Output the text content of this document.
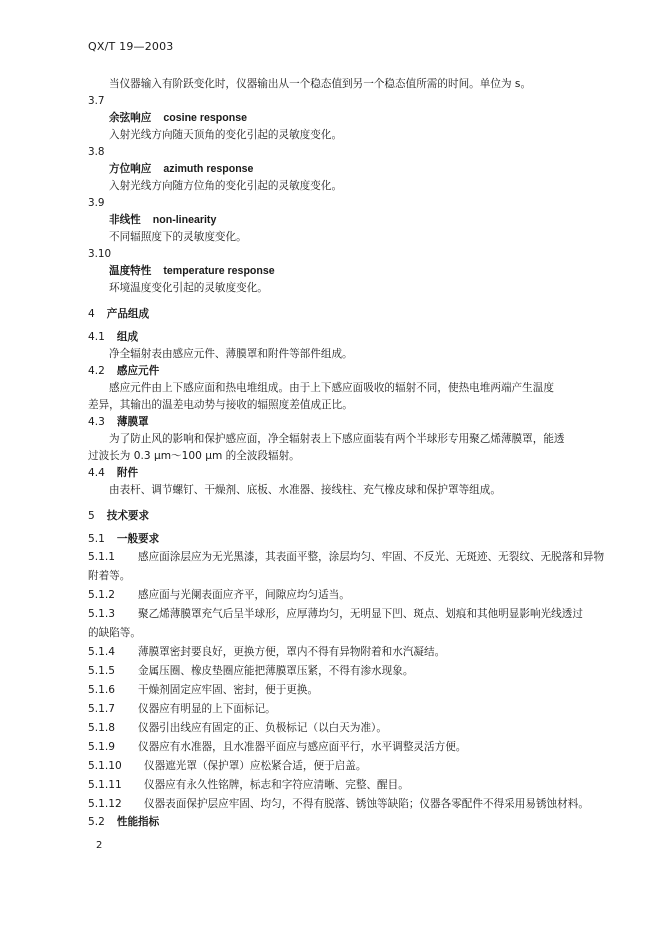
QX/T 19—2003
当仪器输入有阶跃变化时，仪器输出从一个稳态值到另一个稳态值所需的时间。单位为 s。
3.7
余弦响应 cosine response
入射光线方向随天顶角的变化引起的灵敏度变化。
3.8
方位响应 azimuth response
入射光线方向随方位角的变化引起的灵敏度变化。
3.9
非线性 non-linearity
不同辐照度下的灵敏度变化。
3.10
温度特性 temperature response
环境温度变化引起的灵敏度变化。
4 产品组成
4.1 组成
净全辐射表由感应元件、薄膜罩和附件等部件组成。
4.2 感应元件
感应元件由上下感应面和热电堆组成。由于上下感应面吸收的辐射不同，使热电堆两端产生温度
差异，其输出的温差电动势与接收的辐照度差值成正比。
4.3 薄膜罩
为了防止风的影响和保护感应面，净全辐射表上下感应面装有两个半球形专用聚乙烯薄膜罩，能透
过波长为 0.3 μm～100 μm 的全波段辐射。
4.4 附件
由表杆、调节螺钉、干燥剂、底板、水准器、接线柱、充气橡皮球和保护罩等组成。
5 技术要求
5.1 一般要求
5.1.1 感应面涂层应为无光黑漆，其表面平整，涂层均匀、牢固、不反光、无斑迹、无裂纹、无脱落和异物
附着等。
5.1.2 感应面与光阑表面应齐平，间隙应均匀适当。
5.1.3 聚乙烯薄膜罩充气后呈半球形，应厚薄均匀，无明显下凹、斑点、划痕和其他明显影响光线透过
的缺陷等。
5.1.4 薄膜罩密封要良好，更换方便，罩内不得有异物附着和水汽凝结。
5.1.5 金属压圈、橡皮垫圈应能把薄膜罩压紧，不得有渗水现象。
5.1.6 干燥剂固定应牢固、密封，便于更换。
5.1.7 仪器应有明显的上下面标记。
5.1.8 仪器引出线应有固定的正、负极标记（以白天为准）。
5.1.9 仪器应有水准器，且水准器平面应与感应面平行，水平调整灵活方便。
5.1.10 仪器遮光罩（保护罩）应松紧合适，便于启盖。
5.1.11 仪器应有永久性铭牌，标志和字符应清晰、完整、醒目。
5.1.12 仪器表面保护层应牢固、均匀，不得有脱落、锈蚀等缺陷；仪器各零配件不得采用易锈蚀材料。
5.2 性能指标
2
